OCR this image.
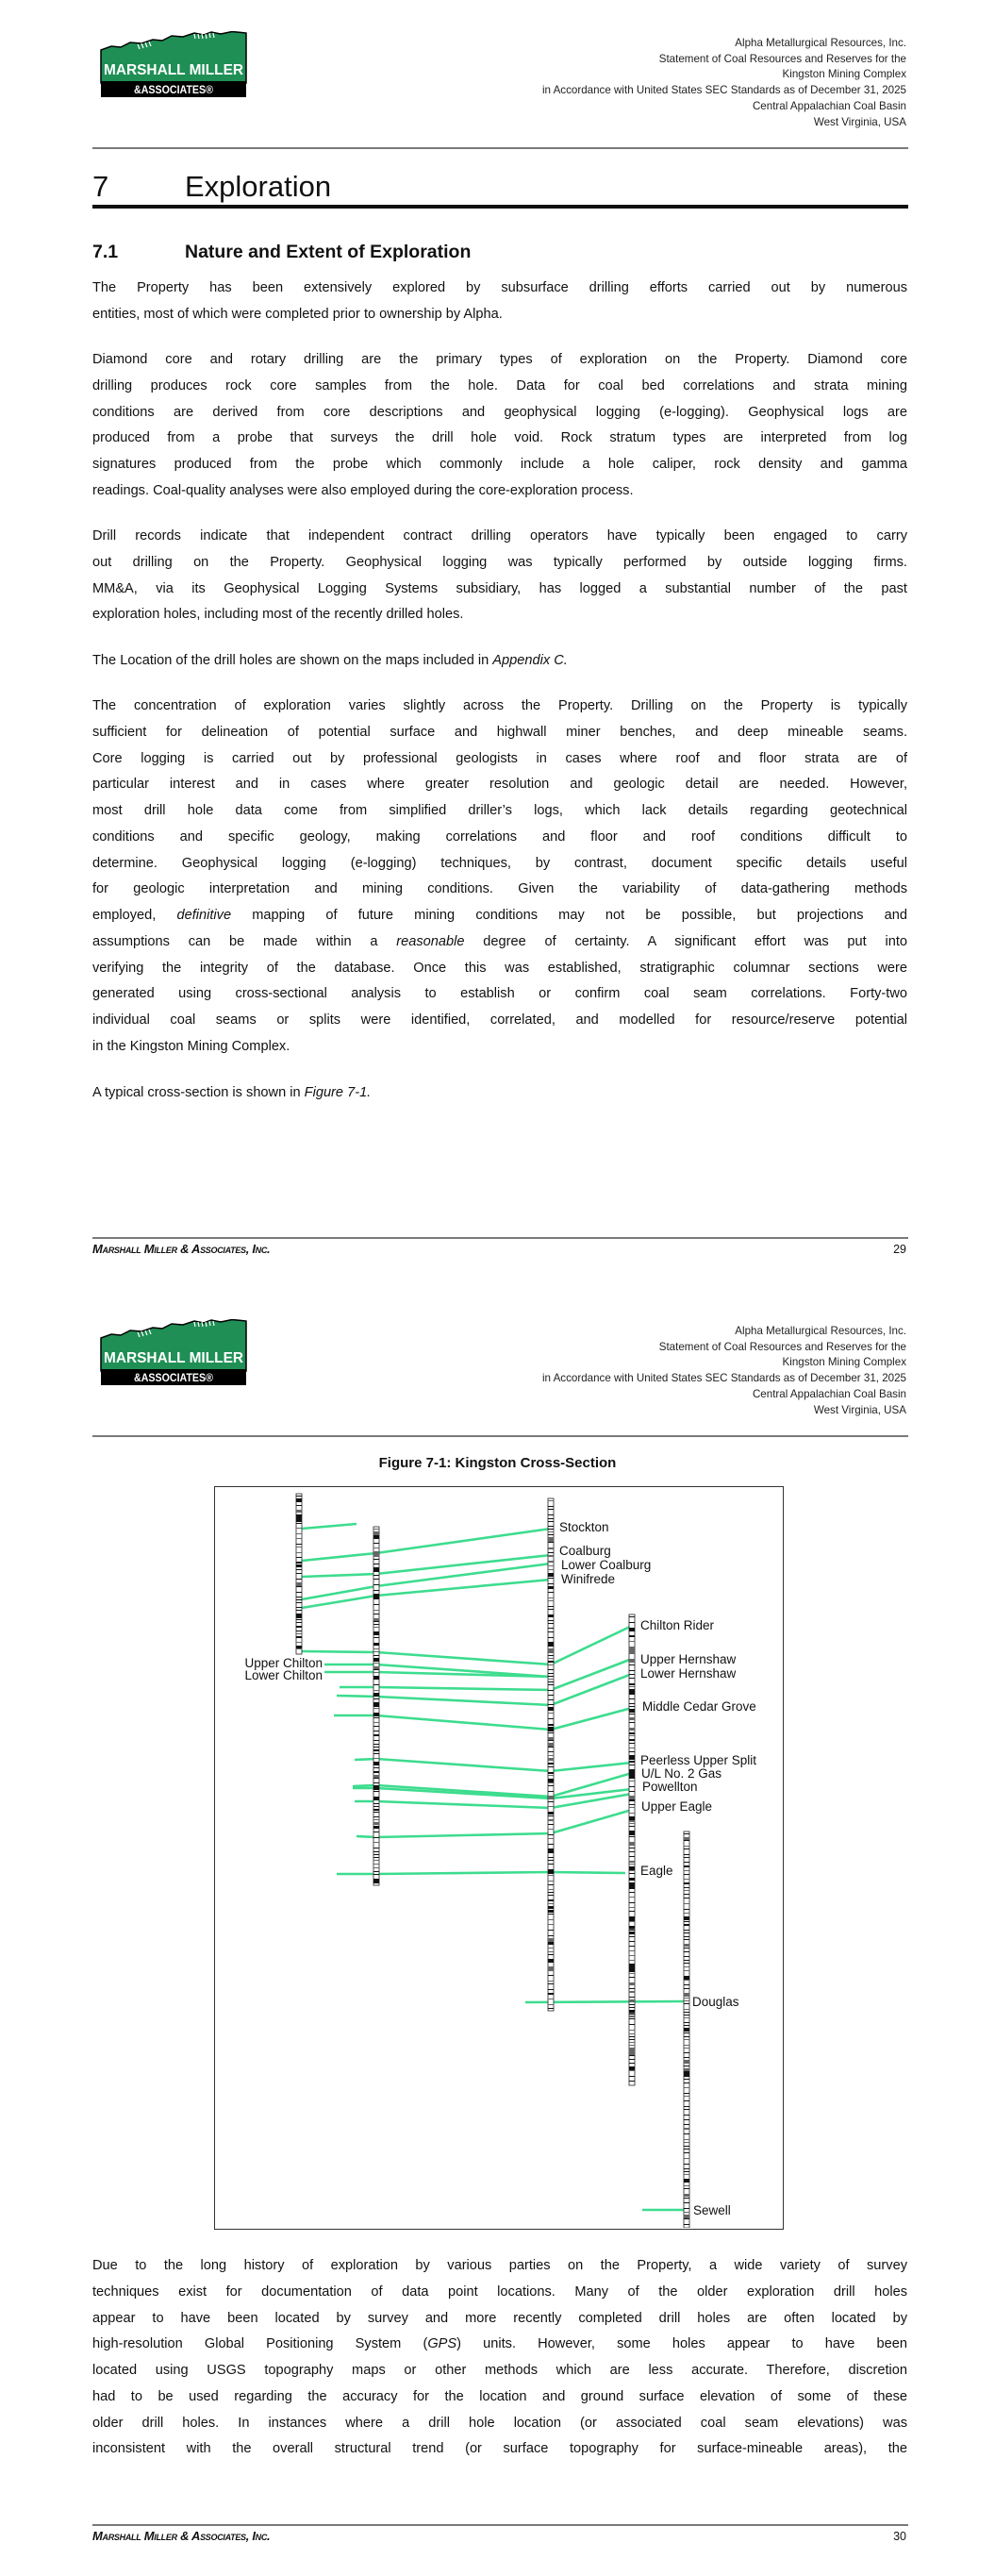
MARSHALL MILLER
&ASSOCIATES®
Alpha Metallurgical Resources, Inc.
Statement of Coal Resources and Reserves for the
Kingston Mining Complex
in Accordance with United States SEC Standards as of December 31, 2025
Central Appalachian Coal Basin
West Virginia, USA
7	Exploration
7.1	Nature and Extent of Exploration
The Property has been extensively explored by subsurface drilling efforts carried out by numerous
entities, most of which were completed prior to ownership by Alpha.
Diamond core and rotary drilling are the primary types of exploration on the Property. Diamond core
drilling produces rock core samples from the hole. Data for coal bed correlations and strata mining
conditions are derived from core descriptions and geophysical logging (e-logging). Geophysical logs are
produced from a probe that surveys the drill hole void. Rock stratum types are interpreted from log
signatures produced from the probe which commonly include a hole caliper, rock density and gamma
readings. Coal-quality analyses were also employed during the core-exploration process.
Drill records indicate that independent contract drilling operators have typically been engaged to carry
out drilling on the Property. Geophysical logging was typically performed by outside logging firms.
MM&A, via its Geophysical Logging Systems subsidiary, has logged a substantial number of the past
exploration holes, including most of the recently drilled holes.
The Location of the drill holes are shown on the maps included in Appendix C.
The concentration of exploration varies slightly across the Property. Drilling on the Property is typically
sufficient for delineation of potential surface and highwall miner benches, and deep mineable seams.
Core logging is carried out by professional geologists in cases where roof and floor strata are of
particular interest and in cases where greater resolution and geologic detail are needed. However,
most drill hole data come from simplified driller’s logs, which lack details regarding geotechnical
conditions and specific geology, making correlations and floor and roof conditions difficult to
determine. Geophysical logging (e-logging) techniques, by contrast, document specific details useful
for geologic interpretation and mining conditions. Given the variability of data-gathering methods
employed, definitive mapping of future mining conditions may not be possible, but projections and
assumptions can be made within a reasonable degree of certainty. A significant effort was put into
verifying the integrity of the database. Once this was established, stratigraphic columnar sections were
generated using cross-sectional analysis to establish or confirm coal seam correlations. Forty-two
individual coal seams or splits were identified, correlated, and modelled for resource/reserve potential
in the Kingston Mining Complex.
A typical cross-section is shown in Figure 7-1.
Marshall Miller & Associates, Inc.	29
MARSHALL MILLER
&ASSOCIATES®
Alpha Metallurgical Resources, Inc.
Statement of Coal Resources and Reserves for the
Kingston Mining Complex
in Accordance with United States SEC Standards as of December 31, 2025
Central Appalachian Coal Basin
West Virginia, USA
Figure 7-1: Kingston Cross-Section
Stockton
Coalburg
Lower Coalburg
Winifrede
Chilton Rider
Upper Hernshaw
Lower Hernshaw
Middle Cedar Grove
Peerless Upper Split
U/L No. 2 Gas
Powellton
Upper Eagle
Eagle
Douglas
Sewell
Upper Chilton
Lower Chilton
Due to the long history of exploration by various parties on the Property, a wide variety of survey
techniques exist for documentation of data point locations. Many of the older exploration drill holes
appear to have been located by survey and more recently completed drill holes are often located by
high-resolution Global Positioning System (GPS) units. However, some holes appear to have been
located using USGS topography maps or other methods which are less accurate. Therefore, discretion
had to be used regarding the accuracy for the location and ground surface elevation of some of these
older drill holes. In instances where a drill hole location (or associated coal seam elevations) was
inconsistent with the overall structural trend (or surface topography for surface-mineable areas), the
Marshall Miller & Associates, Inc.	30
